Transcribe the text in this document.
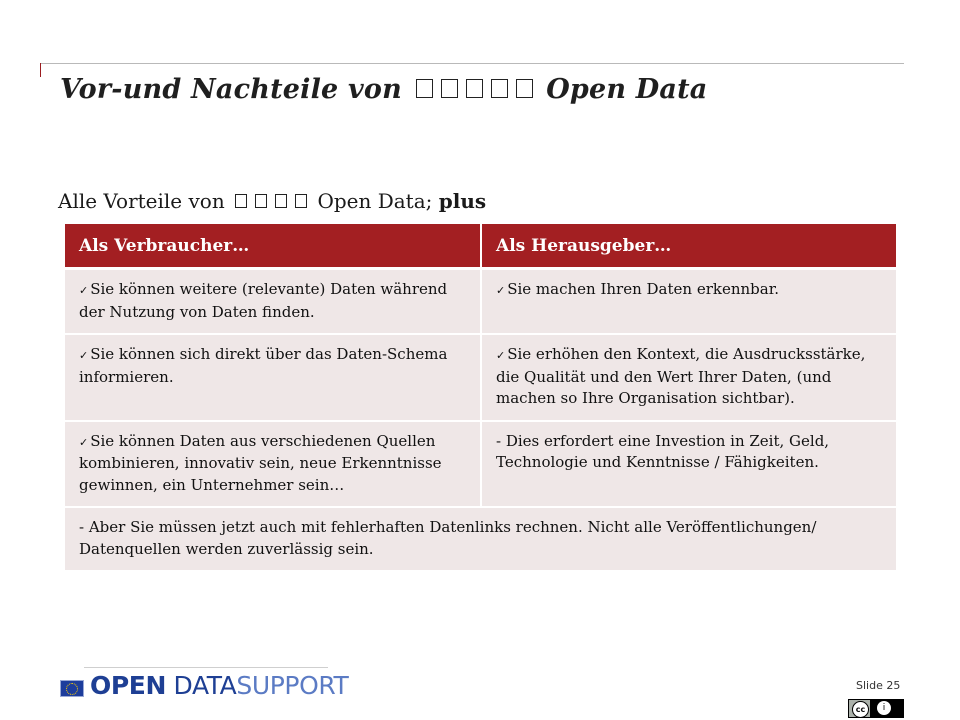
Vor-und Nachteile von	Open Data
Alle Vorteile von	Open Data; plus
Als Verbraucher…	Als Herausgeber…
✓ Sie können weitere (relevante) Daten während der Nutzung von Daten finden.	✓ Sie machen Ihren Daten erkennbar.
✓ Sie können sich direkt über das Daten-Schema informieren.	✓ Sie erhöhen den Kontext, die Ausdrucksstärke, die Qualität und den Wert Ihrer Daten, (und machen so Ihre Organisation sichtbar).
✓ Sie können Daten aus verschiedenen Quellen kombinieren, innovativ sein, neue Erkenntnisse gewinnen, ein Unternehmer sein…	- Dies erfordert eine Investion in Zeit, Geld, Technologie und Kenntnisse / Fähigkeiten.
- Aber Sie müssen jetzt auch mit fehlerhaften Datenlinks rechnen. Nicht alle Veröffentlichungen/ Datenquellen werden zuverlässig sein.	
OPEN DATASUPPORT	Slide 25
cc	i
